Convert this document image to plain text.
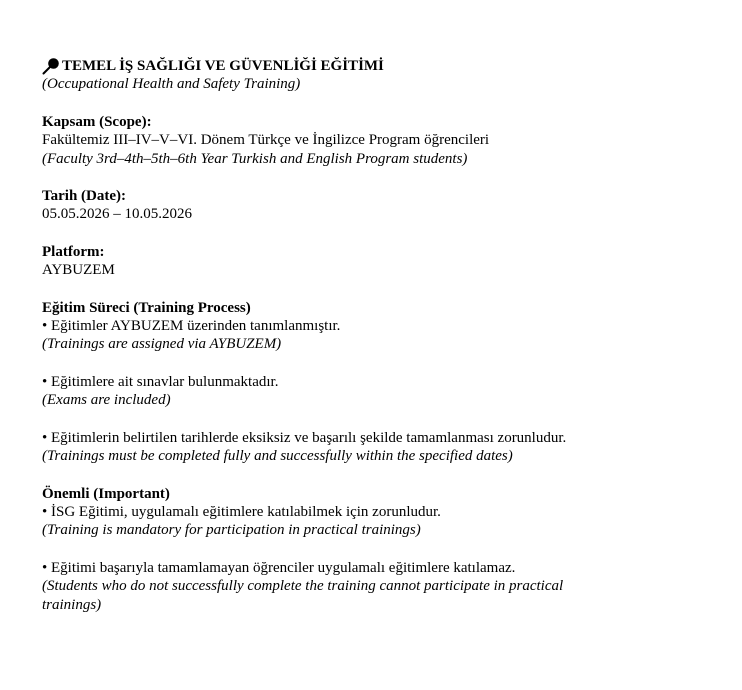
TEMEL İŞ SAĞLIĞI VE GÜVENLİĞİ EĞİTİMİ
(Occupational Health and Safety Training)
Kapsam (Scope):
Fakültemiz III–IV–V–VI. Dönem Türkçe ve İngilizce Program öğrencileri
(Faculty 3rd–4th–5th–6th Year Turkish and English Program students)
Tarih (Date):
05.05.2026 – 10.05.2026
Platform:
AYBUZEM
Eğitim Süreci (Training Process)
• Eğitimler AYBUZEM üzerinden tanımlanmıştır.
(Trainings are assigned via AYBUZEM)
• Eğitimlere ait sınavlar bulunmaktadır.
(Exams are included)
• Eğitimlerin belirtilen tarihlerde eksiksiz ve başarılı şekilde tamamlanması zorunludur.
(Trainings must be completed fully and successfully within the specified dates)
Önemli (Important)
• İSG Eğitimi, uygulamalı eğitimlere katılabilmek için zorunludur.
(Training is mandatory for participation in practical trainings)
• Eğitimi başarıyla tamamlamayan öğrenciler uygulamalı eğitimlere katılamaz.
(Students who do not successfully complete the training cannot participate in practical trainings)
